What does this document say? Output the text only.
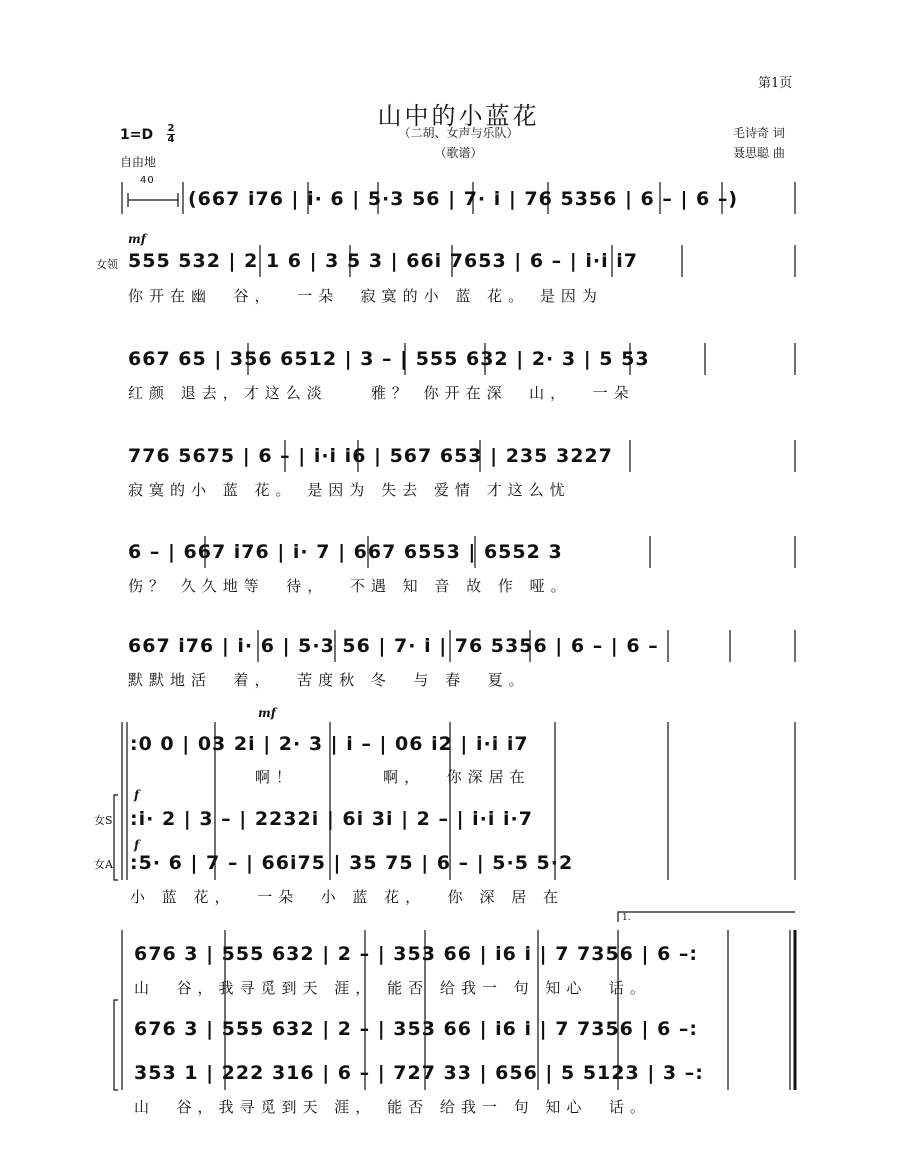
第1页
山中的小蓝花
（二胡、女声与乐队）
（歌谱）
毛诗奇 词
聂思聪 曲
1=D 2
4
自由地
40
(667 i76 | i· 6 | 5·3 56 | 7· i | 76 5356 | 6 – | 6 –)
mf
女领 555 532 | 2 1 6 | 3 5 3 | 66i 7653 | 6 – | i·i i7
你开在幽  谷，  一朵  寂寞的小 蓝 花。 是因为
667 65 | 356 6512 | 3 – | 555 632 | 2· 3 | 5 53
红颜 退去，才这么淡    雅？ 你开在深  山，  一朵
776 5675 | 6 – | i·i i6 | 567 653 | 235 3227
寂寞的小 蓝 花。 是因为 失去 爱情 才这么忧
6 – | 667 i76 | i· 7 | 667 6553 | 6552 3
伤？ 久久地等  待，  不遇 知 音 故 作 哑。
667 i76 | i· 6 | 5·3 56 | 7· i | 76 5356 | 6 – | 6 –
默默地活  着，  苦度秋 冬  与 春  夏。
mf
:0 0 | 03 2i | 2· 3 | i – | 06 i2 | i·i i7
啊！        啊，  你深居在
f
女S :i· 2 | 3 – | 2232i | 6i 3i | 2 – | i·i i·7
f
女A :5· 6 | 7 – | 66i75 | 35 75 | 6 – | 5·5 5·2
小 蓝 花，  一朵  小 蓝 花，  你 深 居 在
1.
676 3 | 555 632 | 2 – | 353 66 | i6 i | 7 7356 | 6 –:
山  谷，我寻觅到天 涯， 能否 给我一 句 知心  话。
676 3 | 555 632 | 2 – | 353 66 | i6 i | 7 7356 | 6 –:
353 1 | 222 316 | 6 – | 727 33 | 656 | 5 5123 | 3 –:
山  谷，我寻觅到天 涯， 能否 给我一 句 知心  话。
